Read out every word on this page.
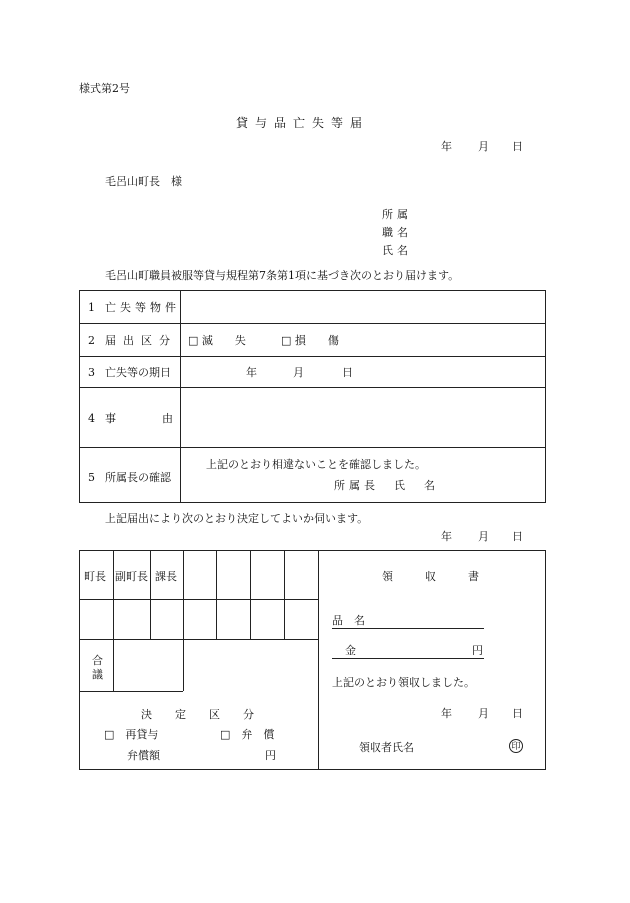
様式第2号
貸与品亡失等届
年 月 日
毛呂山町長　様
所属
職名
氏名
毛呂山町職員被服等貸与規程第7条第1項に基づき次のとおり届けます。
1 亡失等物件
2 届出区分 □ 滅　　失	□ 損　　傷
3 亡失等の期日	年	月	日
4 事	由
5 所属長の確認
上記のとおり相違ないことを確認しました。
所属長　氏　名
上記届出により次のとおり決定してよいか伺います。
年 月 日
町長 副町長 課長
合
議
決定区分
□　再貸与	□　弁　償
弁償額	円
領収書
品　名
金	円
上記のとおり領収しました。
年 月 日
領収者氏名	印
